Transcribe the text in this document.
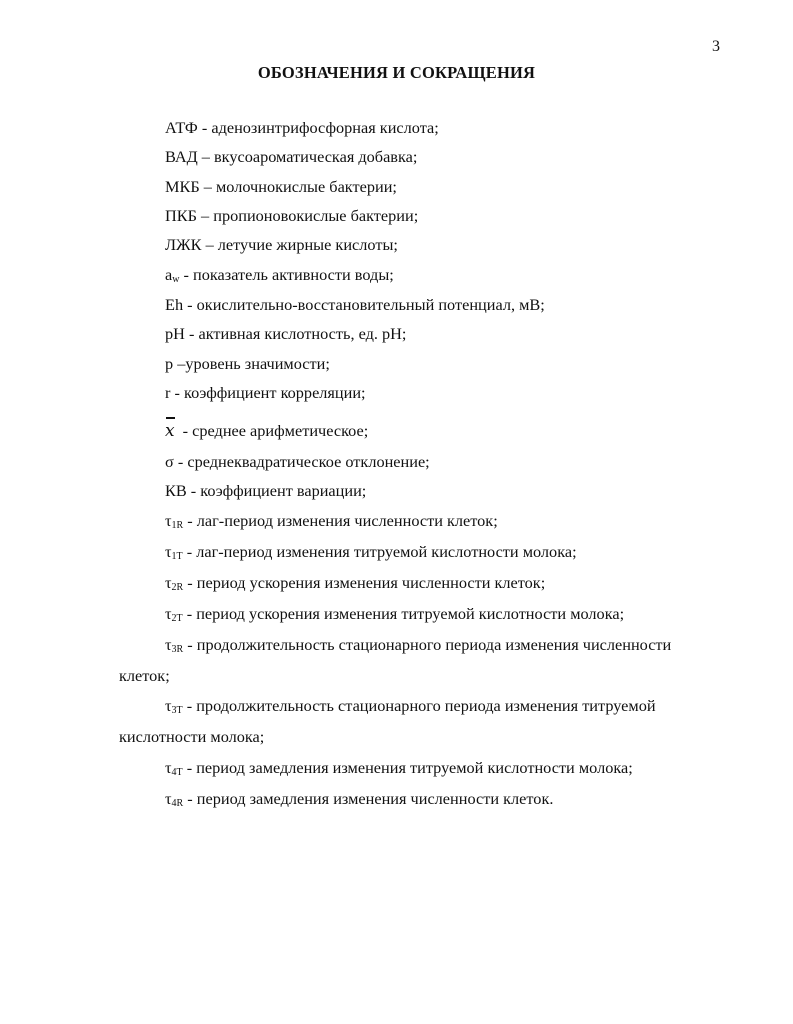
3
ОБОЗНАЧЕНИЯ И СОКРАЩЕНИЯ
АТФ - аденозинтрифосфорная кислота;
ВАД – вкусоароматическая добавка;
МКБ – молочнокислые бактерии;
ПКБ – пропионовокислые бактерии;
ЛЖК – летучие жирные кислоты;
$a_w$ - показатель активности воды;
Eh - окислительно-восстановительный потенциал, мВ;
pH - активная кислотность, ед. pH;
p –уровень значимости;
r - коэффициент корреляции;
x - среднее арифметическое;
σ - среднеквадратическое отклонение;
КВ - коэффициент вариации;
$\tau_{1R}$ - лаг-период изменения численности клеток;
$\tau_{1T}$ - лаг-период изменения титруемой кислотности молока;
$\tau_{2R}$ - период ускорения изменения численности клеток;
$\tau_{2T}$ - период ускорения изменения титруемой кислотности молока;
$\tau_{3R}$ - продолжительность стационарного периода изменения численности
клеток;
$\tau_{3T}$ - продолжительность стационарного периода изменения титруемой
кислотности молока;
$\tau_{4T}$ - период замедления изменения титруемой кислотности молока;
$\tau_{4R}$ - период замедления изменения численности клеток.
